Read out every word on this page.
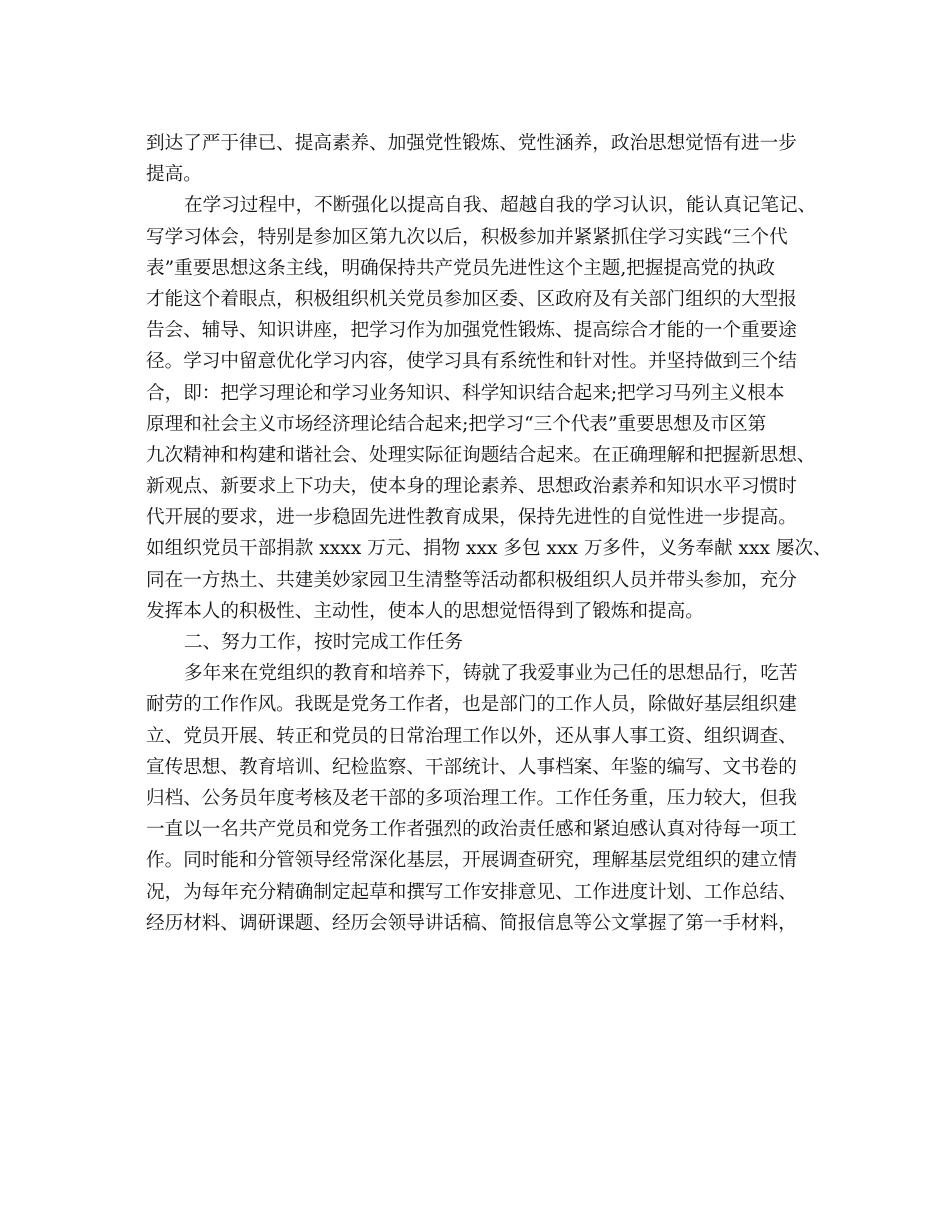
到达了严于律已、提高素养、加强党性锻炼、党性涵养，政治思想觉悟有进一步
提高。
在学习过程中，不断强化以提高自我、超越自我的学习认识，能认真记笔记、
写学习体会，特别是参加区第九次以后，积极参加并紧紧抓住学习实践“三个代
表”重要思想这条主线，明确保持共产党员先进性这个主题,把握提高党的执政
才能这个着眼点，积极组织机关党员参加区委、区政府及有关部门组织的大型报
告会、辅导、知识讲座，把学习作为加强党性锻炼、提高综合才能的一个重要途
径。学习中留意优化学习内容，使学习具有系统性和针对性。并坚持做到三个结
合，即：把学习理论和学习业务知识、科学知识结合起来;把学习马列主义根本
原理和社会主义市场经济理论结合起来;把学习“三个代表”重要思想及市区第
九次精神和构建和谐社会、处理实际征询题结合起来。在正确理解和把握新思想、
新观点、新要求上下功夫，使本身的理论素养、思想政治素养和知识水平习惯时
代开展的要求，进一步稳固先进性教育成果，保持先进性的自觉性进一步提高。
如组织党员干部捐款 xxxx 万元、捐物 xxx 多包 xxx 万多件，义务奉献 xxx 屡次、
同在一方热土、共建美妙家园卫生清整等活动都积极组织人员并带头参加，充分
发挥本人的积极性、主动性，使本人的思想觉悟得到了锻炼和提高。
二、努力工作，按时完成工作任务
多年来在党组织的教育和培养下，铸就了我爱事业为己任的思想品行，吃苦
耐劳的工作作风。我既是党务工作者，也是部门的工作人员，除做好基层组织建
立、党员开展、转正和党员的日常治理工作以外，还从事人事工资、组织调查、
宣传思想、教育培训、纪检监察、干部统计、人事档案、年鉴的编写、文书卷的
归档、公务员年度考核及老干部的多项治理工作。工作任务重，压力较大，但我
一直以一名共产党员和党务工作者强烈的政治责任感和紧迫感认真对待每一项工
作。同时能和分管领导经常深化基层，开展调查研究，理解基层党组织的建立情
况，为每年充分精确制定起草和撰写工作安排意见、工作进度计划、工作总结、
经历材料、调研课题、经历会领导讲话稿、简报信息等公文掌握了第一手材料，
